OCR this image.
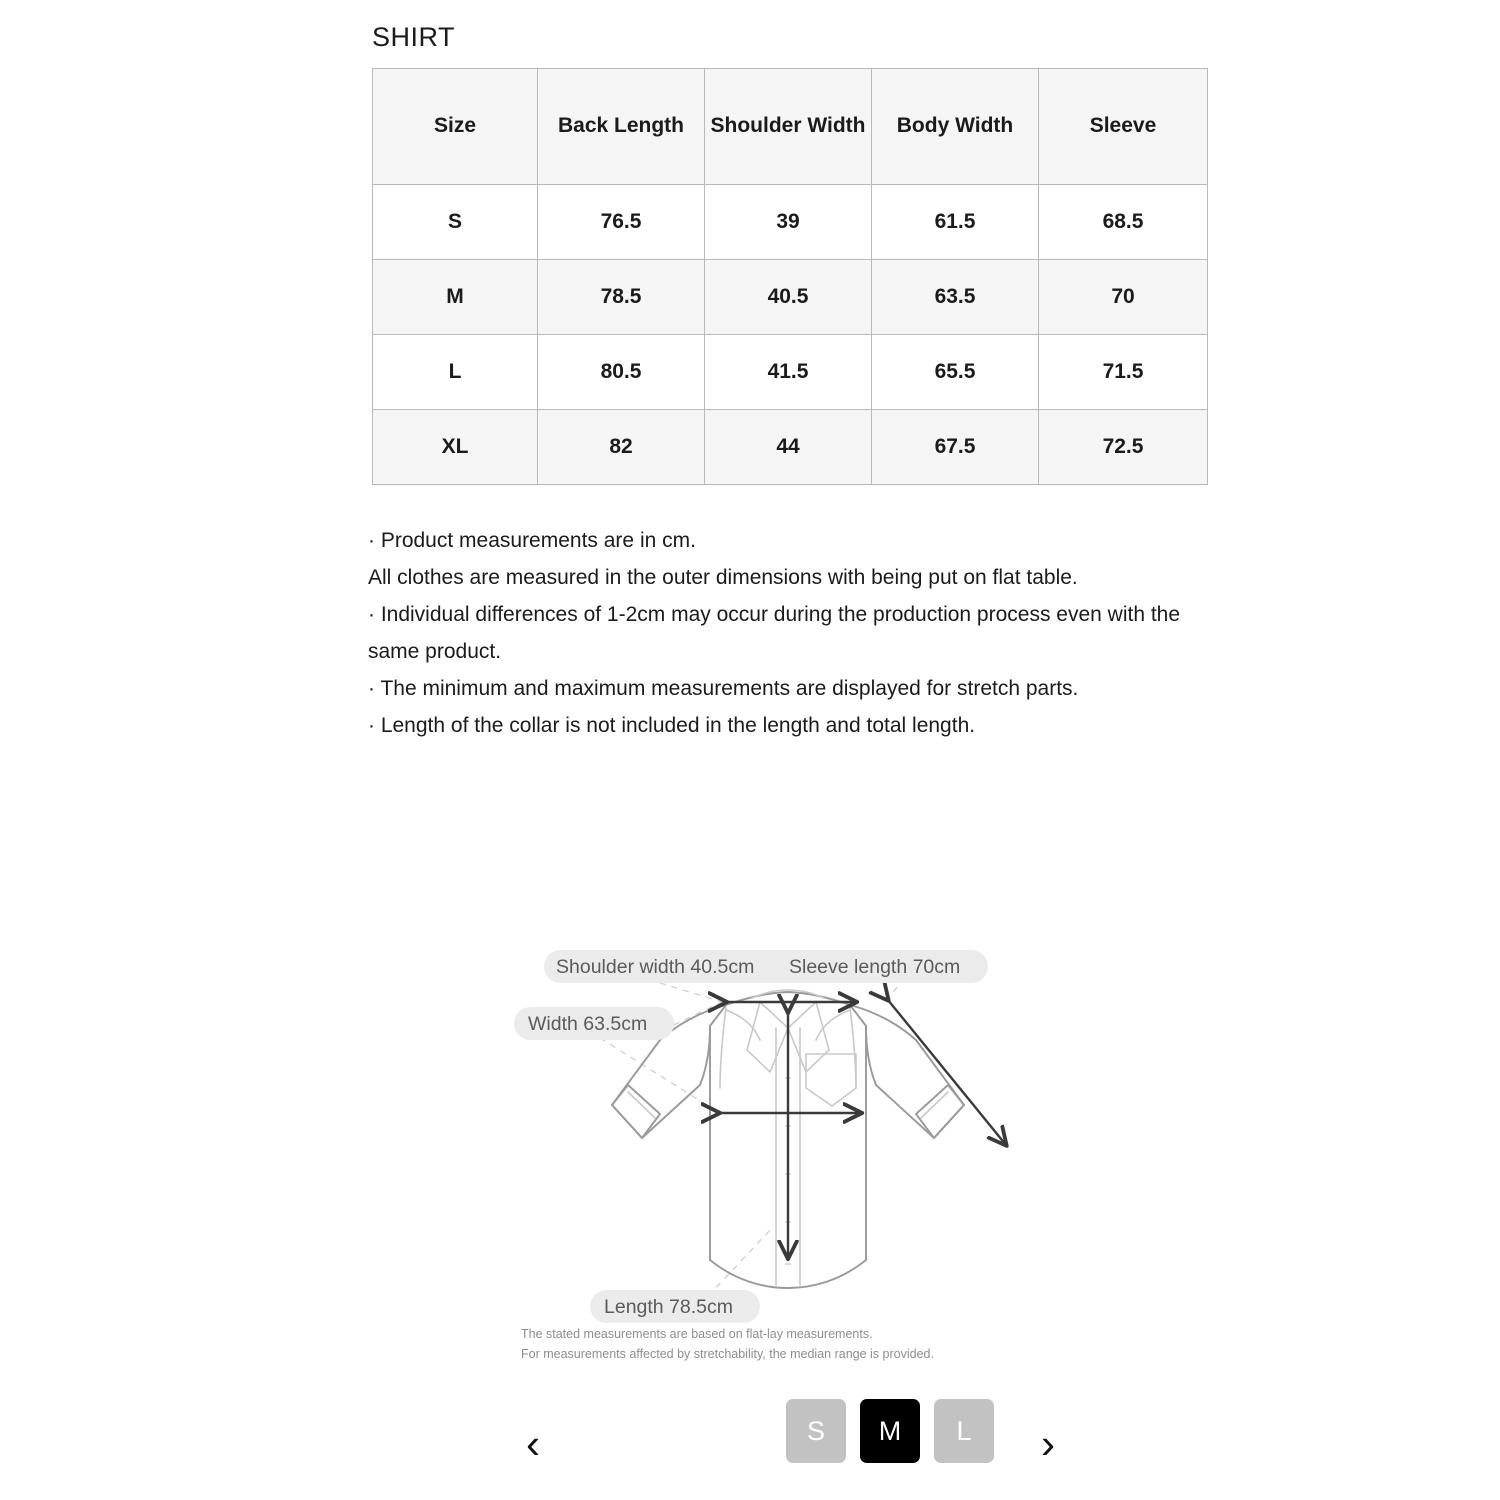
SHIRT
Size	Back Length	Shoulder Width	Body Width	Sleeve
S	76.5	39	61.5	68.5
M	78.5	40.5	63.5	70
L	80.5	41.5	65.5	71.5
XL	82	44	67.5	72.5

· Product measurements are in cm.

All clothes are measured in the outer dimensions with being put on flat table.

· Individual differences of 1-2cm may occur during the production process even with the same product.

· The minimum and maximum measurements are displayed for stretch parts.

· Length of the collar is not included in the length and total length.

Shoulder width 40.5cm Sleeve length 70cm
Width 63.5cm
Length 78.5cm
The stated measurements are based on flat-lay measurements.
For measurements affected by stretchability, the median range is provided.
‹	S	M	L	›
